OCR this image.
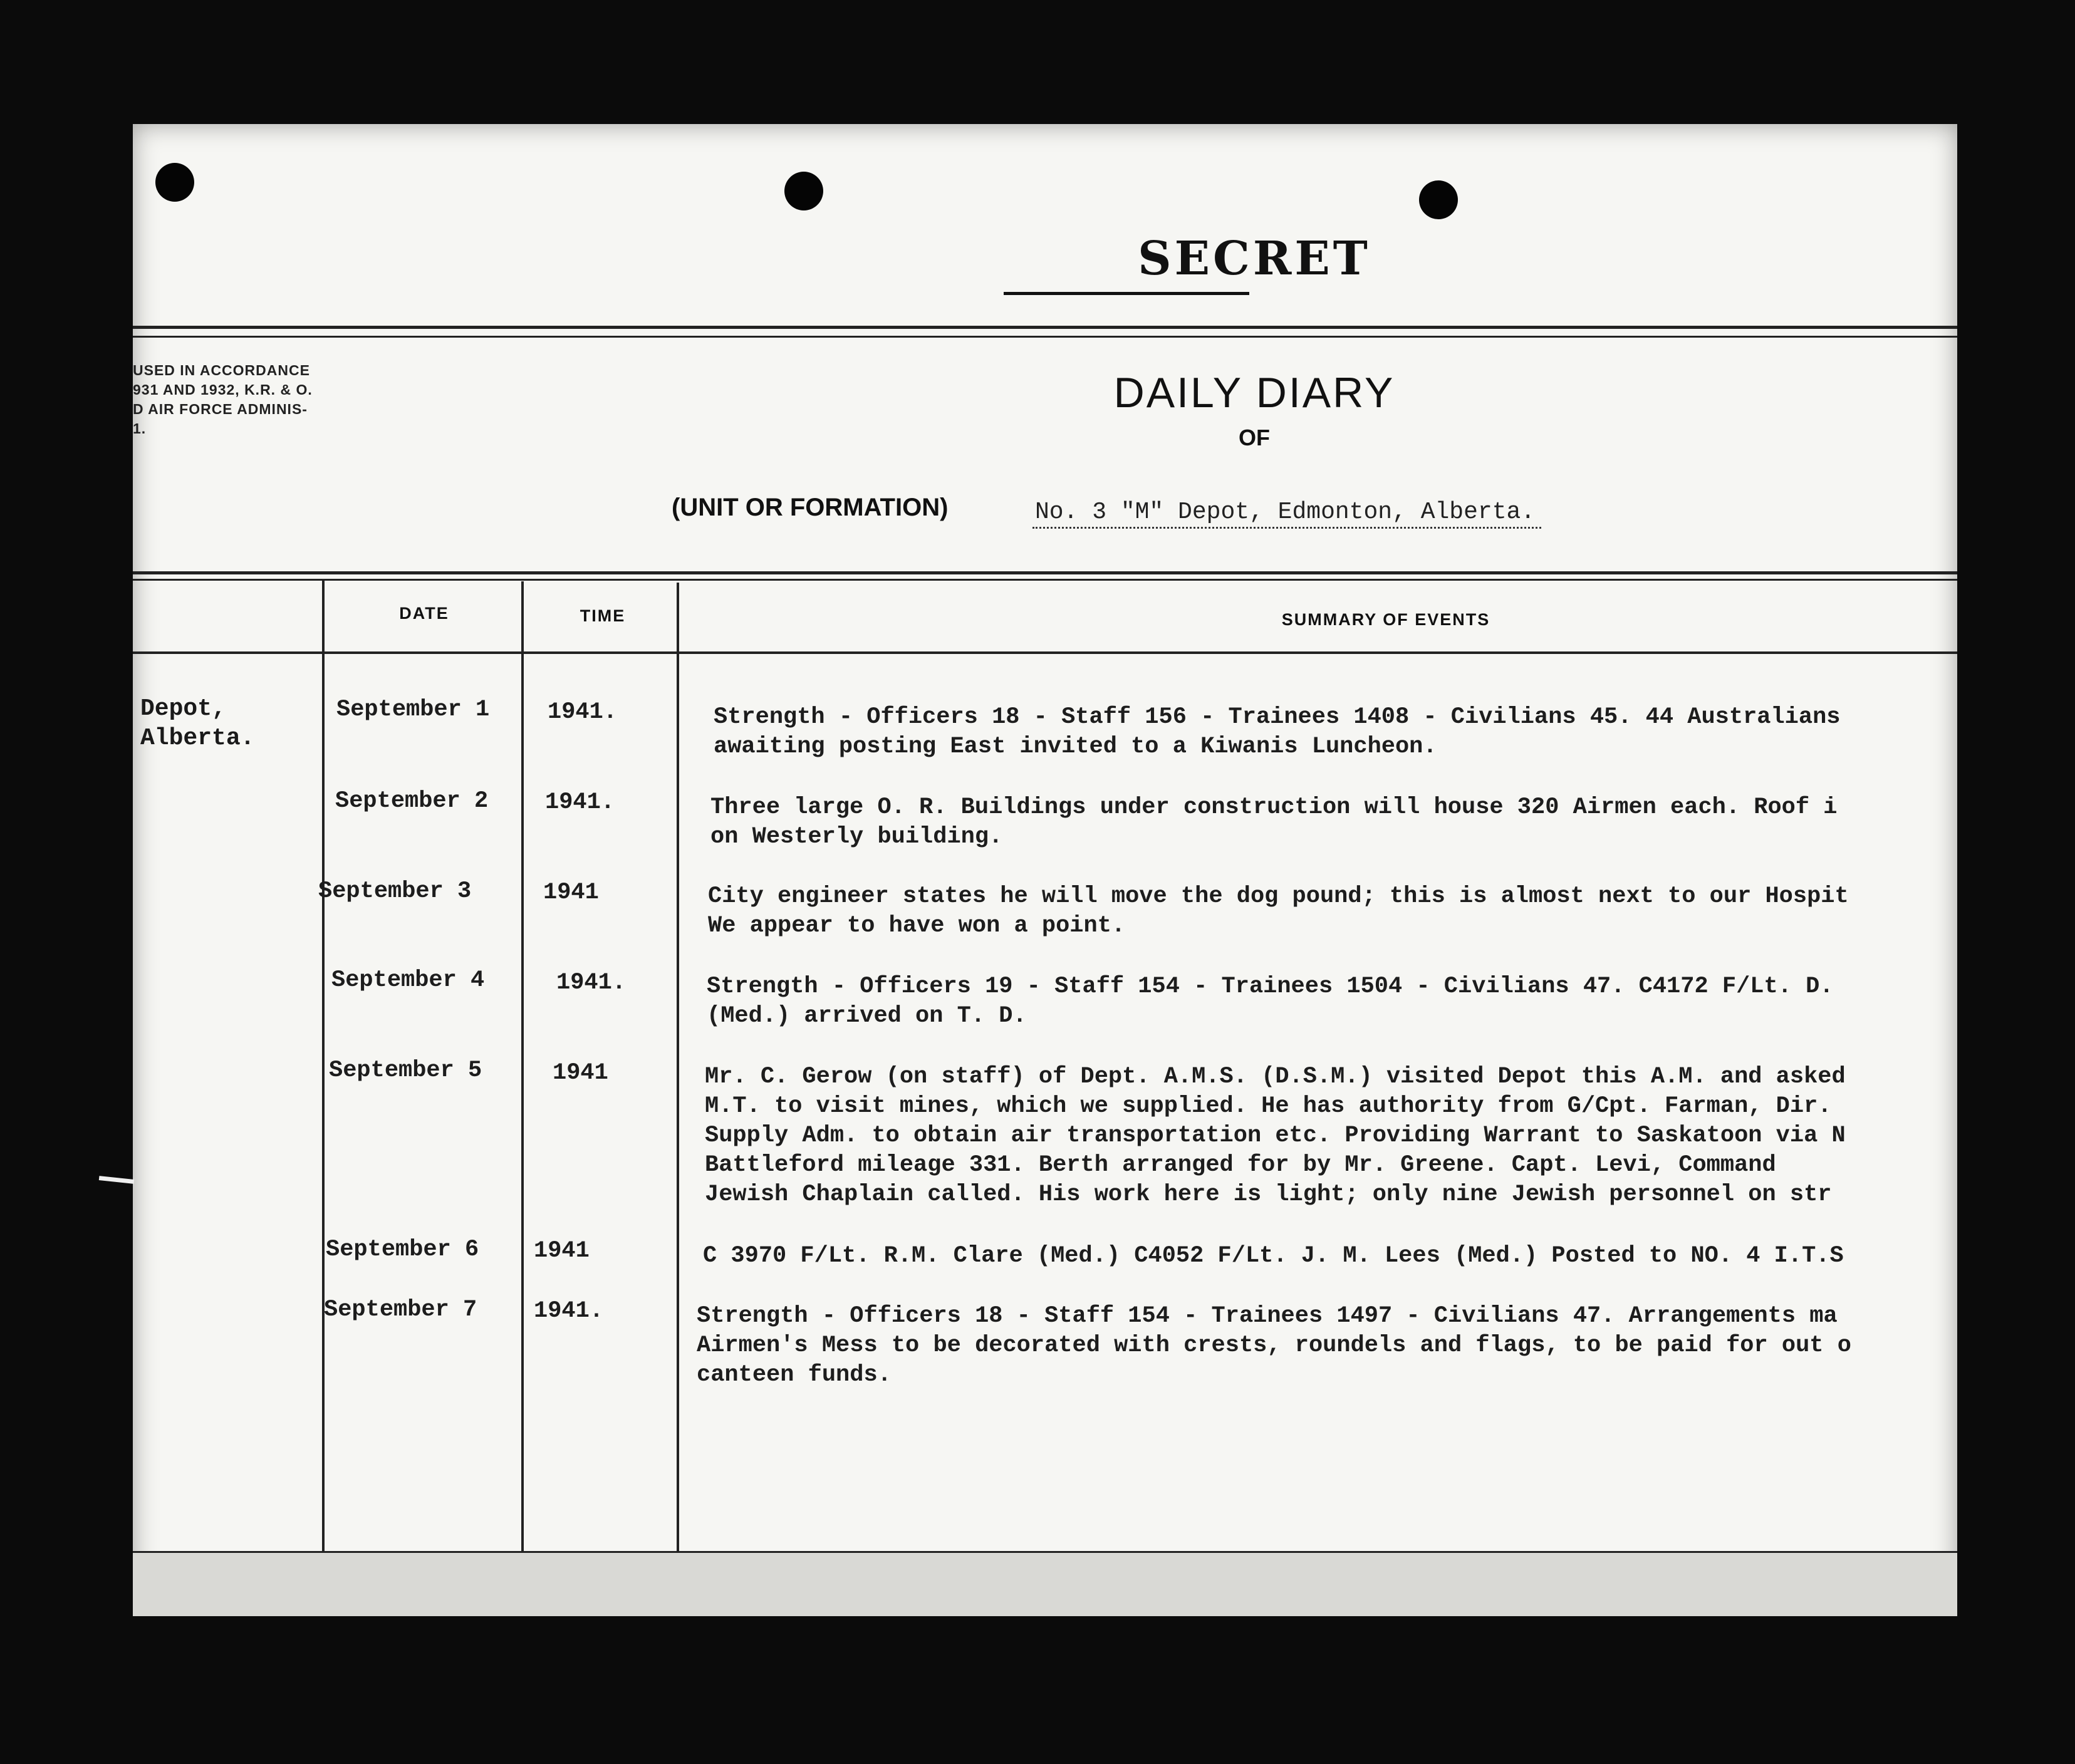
SECRET
USED IN ACCORDANCE
931 AND 1932, K.R. & O.
D AIR FORCE ADMINIS-
1.
DAILY DIARY
OF
(UNIT OR FORMATION)	No. 3 "M" Depot, Edmonton, Alberta.
DATE	TIME	SUMMARY OF EVENTS
Depot,
Alberta.
September 1	1941.	Strength - Officers 18 - Staff 156 - Trainees 1408 - Civilians 45. 44 Australians
awaiting posting East invited to a Kiwanis Luncheon.
September 2 1941.	Three large O. R. Buildings under construction will house 320 Airmen each. Roof i
on Westerly building.
September 3	1941	City engineer states he will move the dog pound; this is almost next to our Hospit
We appear to have won a point.
September 4	1941.	Strength - Officers 19 - Staff 154 - Trainees 1504 - Civilians 47. C4172 F/Lt. D.
(Med.) arrived on T. D.
September 5	1941	Mr. C. Gerow (on staff) of Dept. A.M.S. (D.S.M.) visited Depot this A.M. and asked
M.T. to visit mines, which we supplied. He has authority from G/Cpt. Farman, Dir.
Supply Adm. to obtain air transportation etc. Providing Warrant to Saskatoon via N
Battleford mileage 331. Berth arranged for by Mr. Greene. Capt. Levi, Command
Jewish Chaplain called. His work here is light; only nine Jewish personnel on str
September 6 1941	C 3970 F/Lt. R.M. Clare (Med.) C4052 F/Lt. J. M. Lees (Med.) Posted to NO. 4 I.T.S
September 7 1941.	Strength - Officers 18 - Staff 154 - Trainees 1497 - Civilians 47. Arrangements ma
Airmen's Mess to be decorated with crests, roundels and flags, to be paid for out o
canteen funds.
